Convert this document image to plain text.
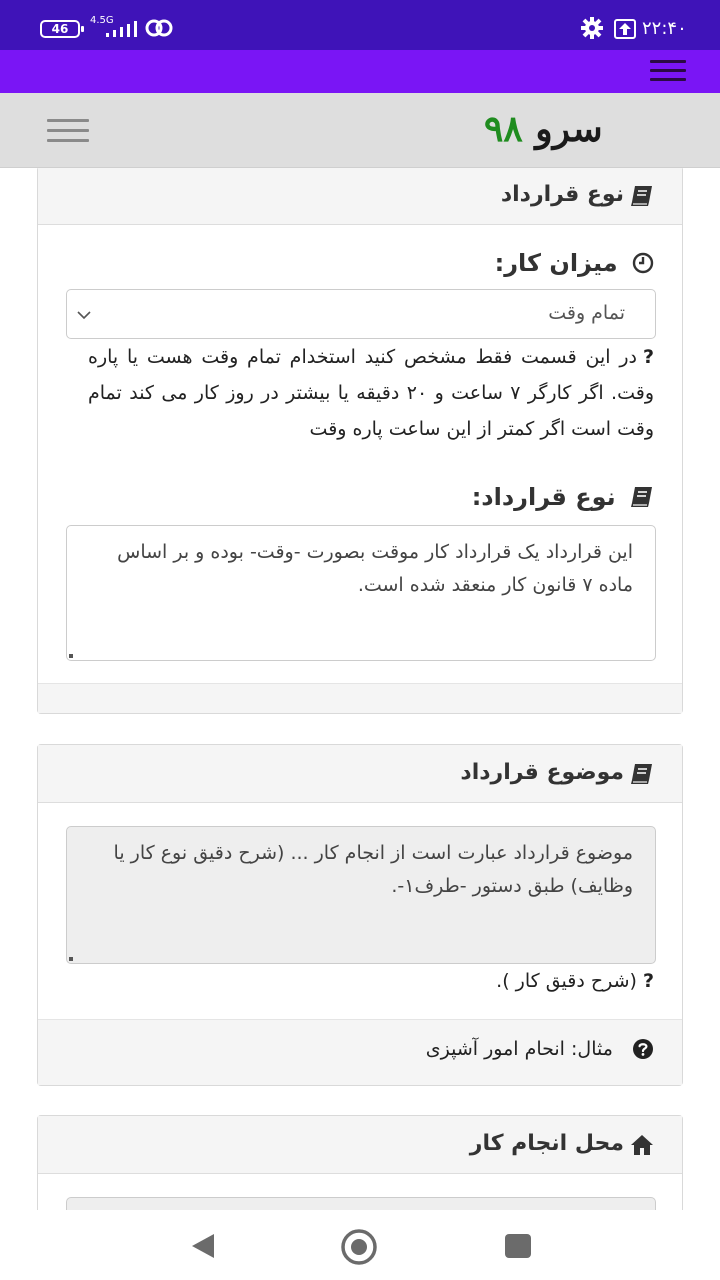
46
4.5G	۲۲:۴۰
سرو ۹۸
نوع قرارداد
میزان کار:
تمام وقت
?در این قسمت فقط مشخص کنید استخدام تمام وقت هست یا پاره وقت. اگر کارگر ۷ ساعت و ۲۰ دقیقه یا بیشتر در روز کار می کند تمام وقت است اگر کمتر از این ساعت پاره وقت
نوع قرارداد:
این قرارداد یک قرارداد کار موقت بصورت -وقت- بوده و بر اساس ماده ۷ قانون کار منعقد شده است.
موضوع قرارداد
موضوع قرارداد عبارت است از انجام کار ... (شرح دقیق نوع کار یا وظایف) طبق دستور -طرف۱-.
?(شرح دقیق کار ).
مثال: انحام امور آشپزی
محل انجام کار
